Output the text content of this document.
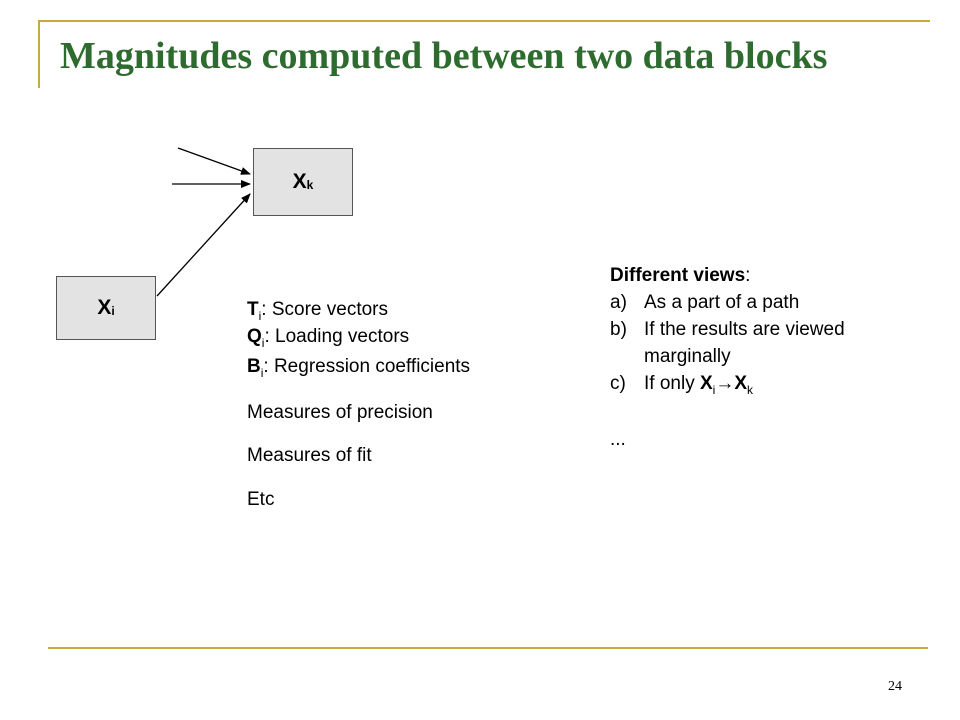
Magnitudes computed between two data blocks
$X_k$
$X_i$	$T_i$: Score vectors
$Q_i$: Loading vectors
$B_i$: Regression coefficients
Measures of precision
Measures of fit
Etc
Different views:
a) As a part of a path
b) If the results are viewed
marginally
c) If only $X_i\to X_k$
...
24
